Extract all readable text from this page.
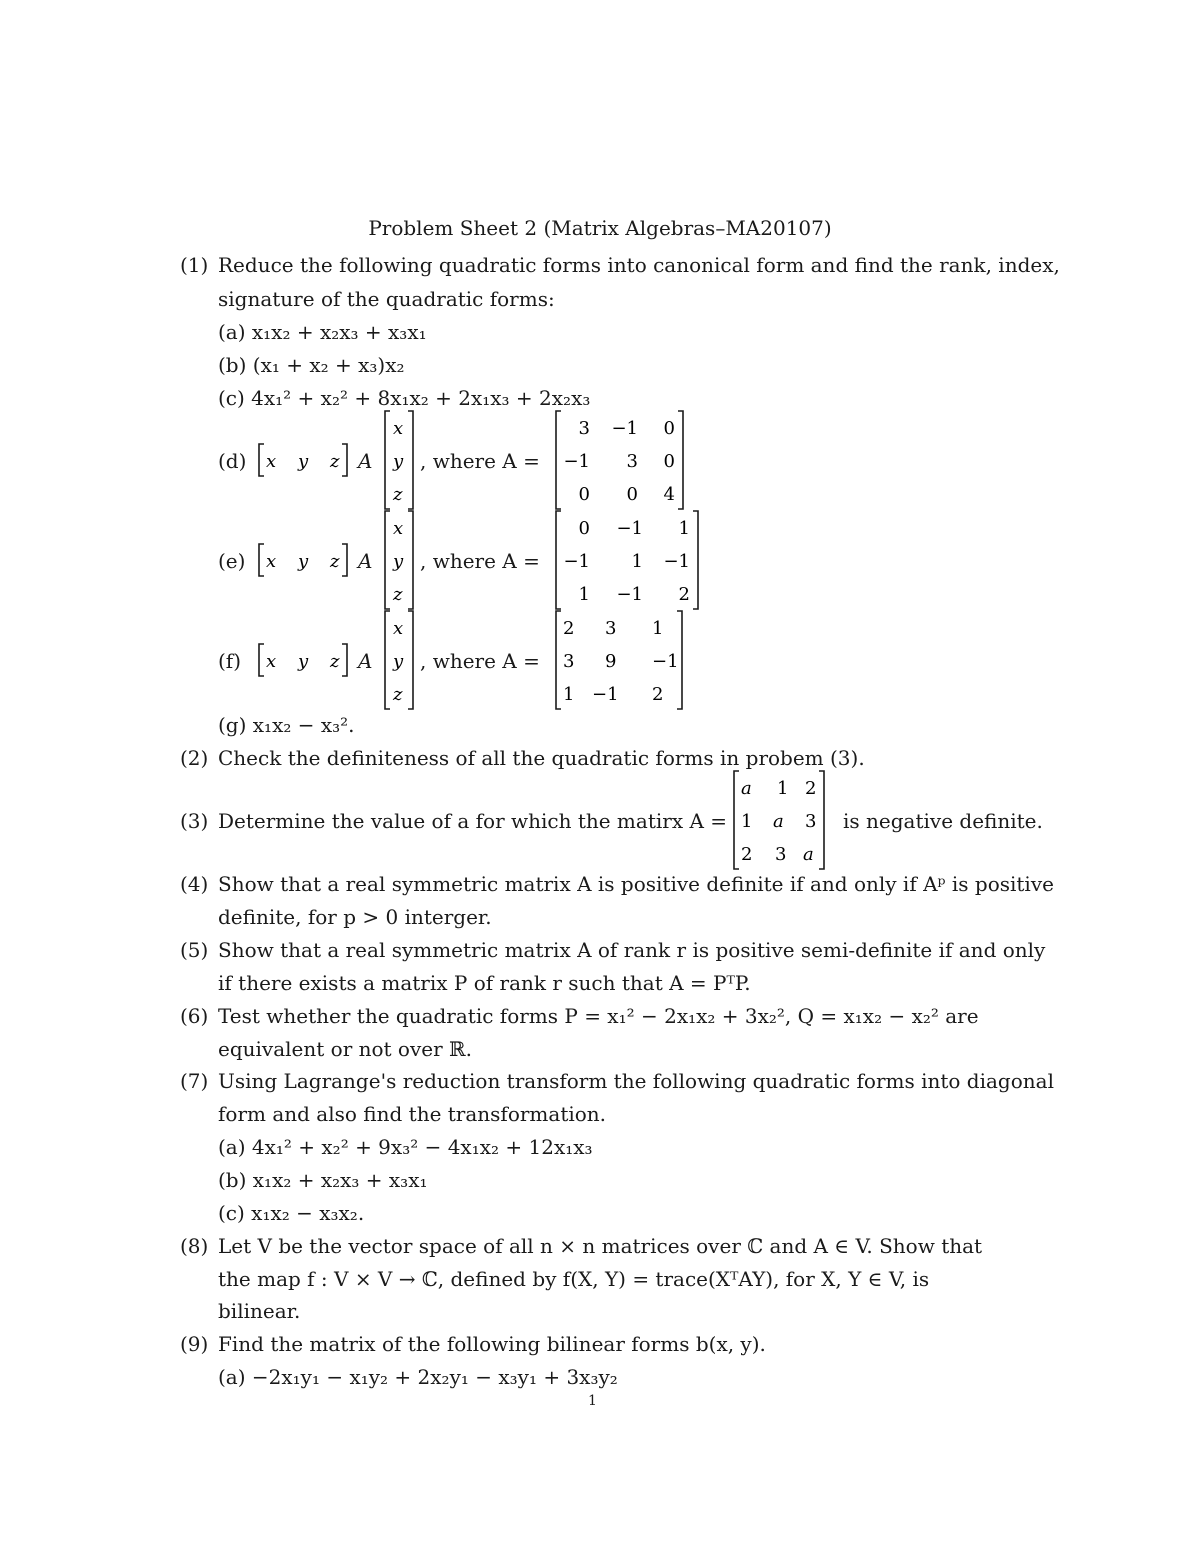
Problem Sheet 2 (Matrix Algebras–MA20107)
(1) Reduce the following quadratic forms into canonical form and find the rank, index,
signature of the quadratic forms:
(a) x₁x₂ + x₂x₃ + x₃x₁
(b) (x₁ + x₂ + x₃)x₂
(c) 4x₁² + x₂² + 8x₁x₂ + 2x₁x₃ + 2x₂x₃
(d) x y z A
x
y
z
, where A =
3 −1 0
−1 3 0
0 0 4
(e) x y z A
x
y
z
, where A =
0 −1 1
−1 1 −1
1 −1 2
(f) x y z A
x
y
z
, where A =
2 3 1
3 9 −1
1 −1 2
(g) x₁x₂ − x₃².
(2) Check the definiteness of all the quadratic forms in probem (3).
(3) Determine the value of a for which the matirx A =
a 1 2
1 a 3
2 3 a
is negative definite.
(4) Show that a real symmetric matrix A is positive definite if and only if Aᵖ is positive
definite, for p > 0 interger.
(5) Show that a real symmetric matrix A of rank r is positive semi-definite if and only
if there exists a matrix P of rank r such that A = PᵀP.
(6) Test whether the quadratic forms P = x₁² − 2x₁x₂ + 3x₂², Q = x₁x₂ − x₂² are
equivalent or not over ℝ.
(7) Using Lagrange's reduction transform the following quadratic forms into diagonal
form and also find the transformation.
(a) 4x₁² + x₂² + 9x₃² − 4x₁x₂ + 12x₁x₃
(b) x₁x₂ + x₂x₃ + x₃x₁
(c) x₁x₂ − x₃x₂.
(8) Let V be the vector space of all n × n matrices over ℂ and A ∈ V. Show that
the map f : V × V → ℂ, defined by f(X, Y) = trace(XᵀAY), for X, Y ∈ V, is
bilinear.
(9) Find the matrix of the following bilinear forms b(x, y).
(a) −2x₁y₁ − x₁y₂ + 2x₂y₁ − x₃y₁ + 3x₃y₂
1
